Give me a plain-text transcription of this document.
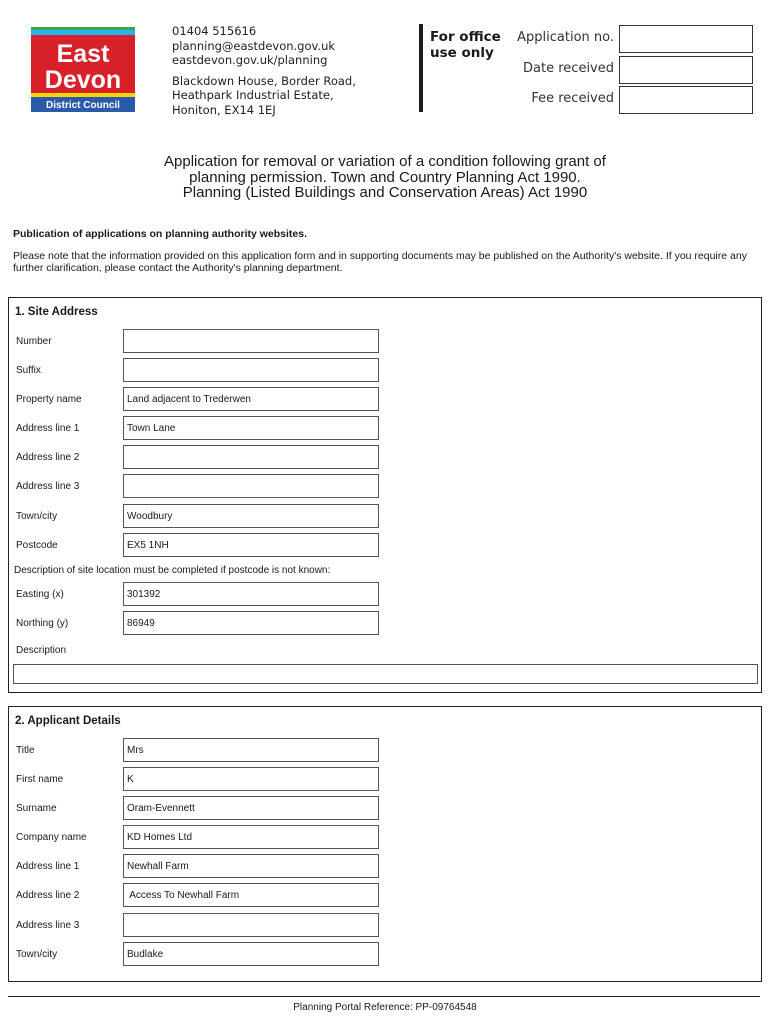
East
Devon
District Council
01404 515616
planning@eastdevon.gov.uk
eastdevon.gov.uk/planning
Blackdown House, Border Road,
Heathpark Industrial Estate,
Honiton, EX14 1EJ
For office use only
Application no.
Date received
Fee received
Application for removal or variation of a condition following grant of
planning permission. Town and Country Planning Act 1990.
Planning (Listed Buildings and Conservation Areas) Act 1990
Publication of applications on planning authority websites.
Please note that the information provided on this application form and in supporting documents may be published on the Authority's website. If you require any further clarification, please contact the Authority's planning department.
1. Site Address
Number
Suffix
Property name	Land adjacent to Trederwen
Address line 1	Town Lane
Address line 2
Address line 3
Town/city	Woodbury
Postcode	EX5 1NH
Description of site location must be completed if postcode is not known:
Easting (x)	301392
Northing (y)	86949
Description
2. Applicant Details
Title	Mrs
First name	K
Surname	Oram-Evennett
Company name	KD Homes Ltd
Address line 1	Newhall Farm
Address line 2	Access To Newhall Farm
Address line 3
Town/city	Budlake
Planning Portal Reference: PP-09764548
